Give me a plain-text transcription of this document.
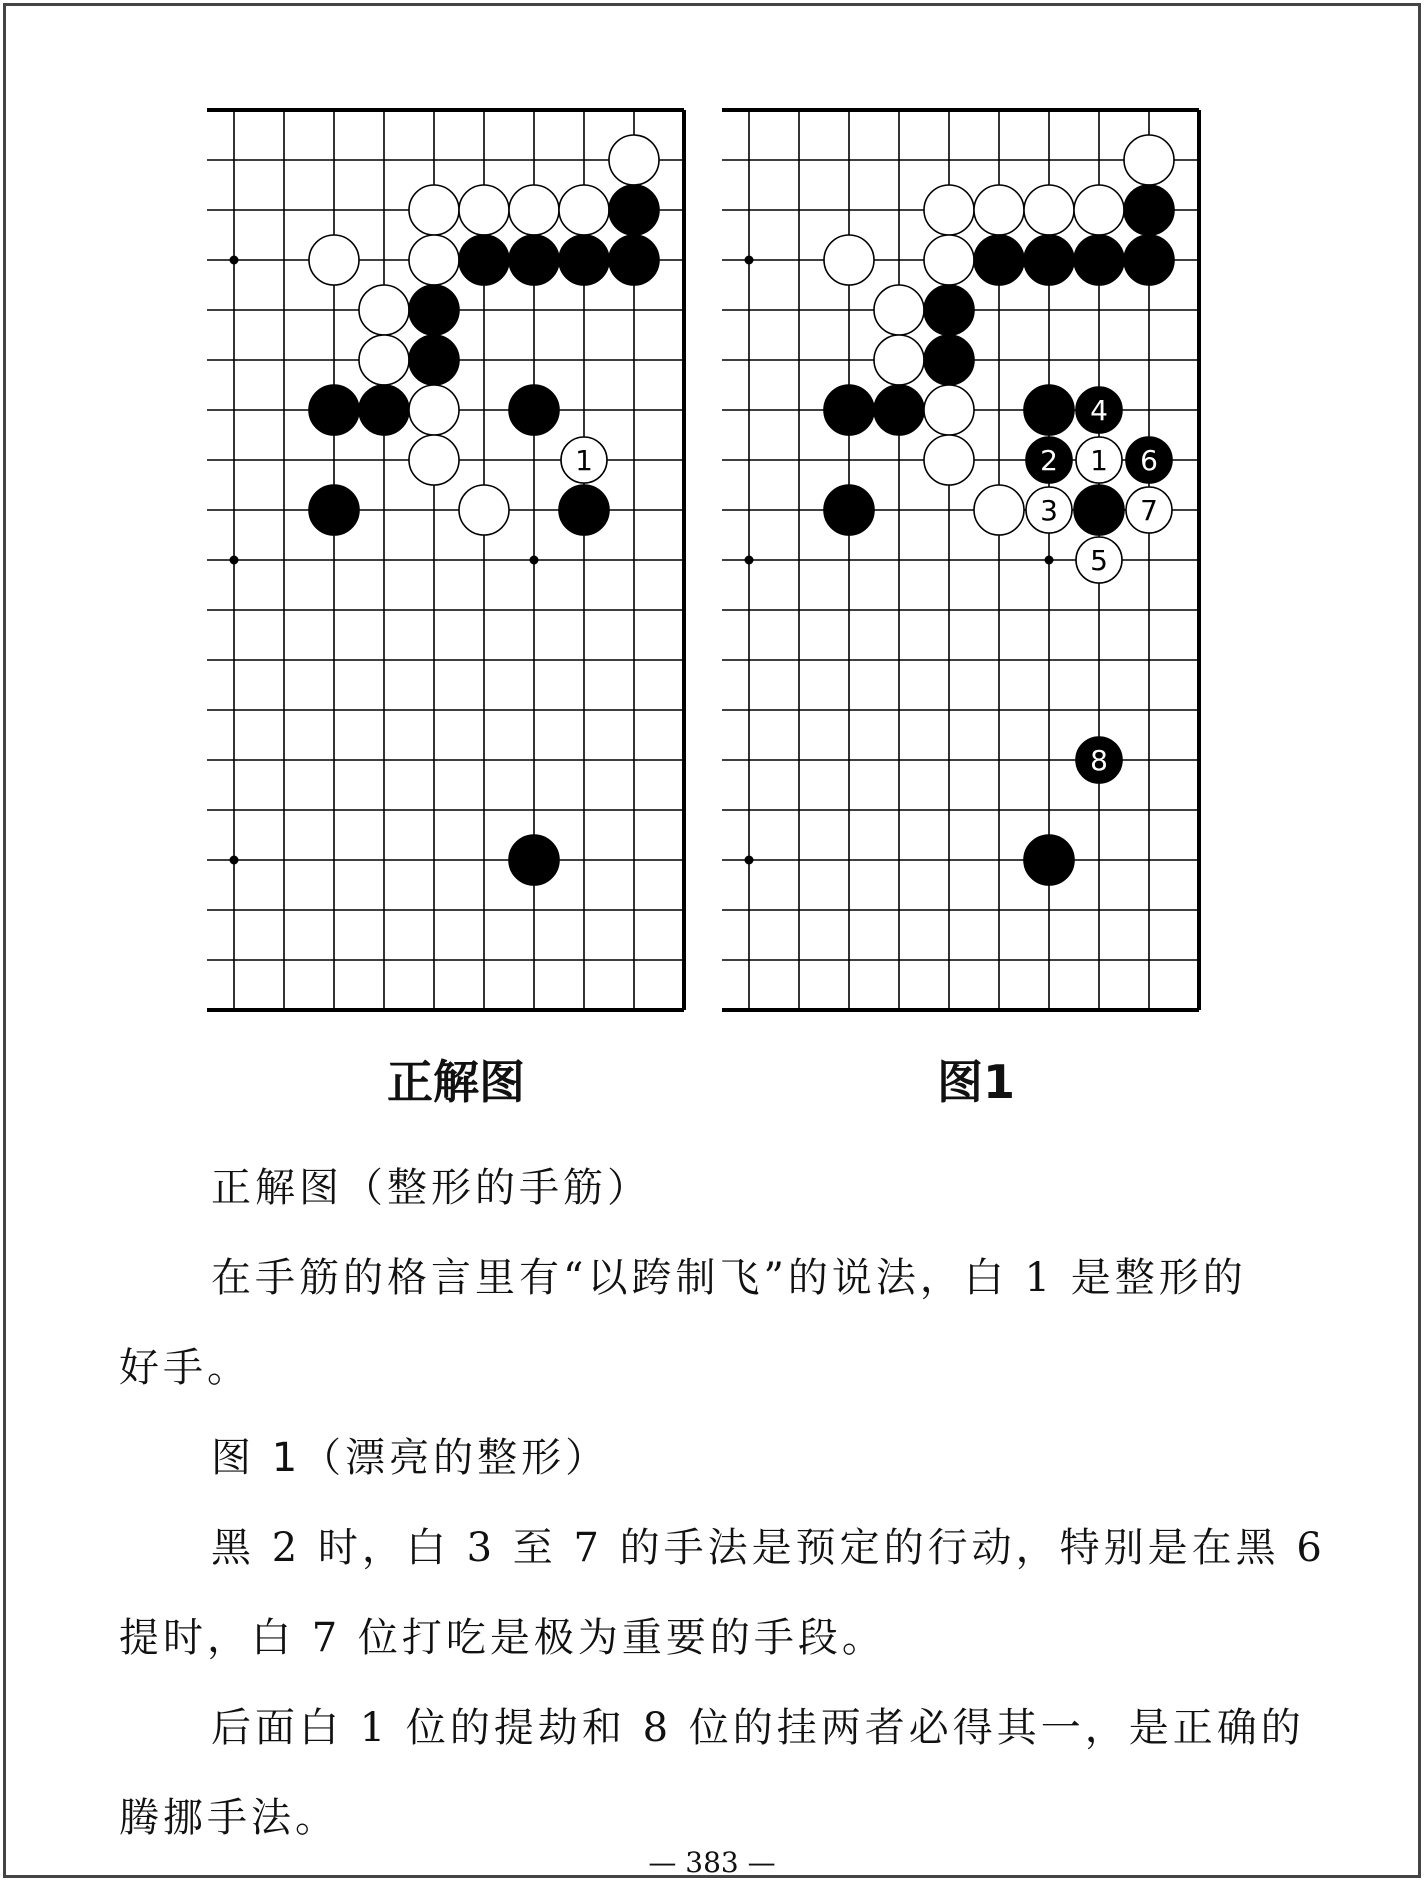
1
正解图
4
2 1 6
3	7
5
8
图1
正解图（整形的手筋）
在手筋的格言里有“以跨制飞”的说法，白 1 是整形的
好手。
图 1（漂亮的整形）
黑 2 时，白 3 至 7 的手法是预定的行动，特别是在黑 6
提时，白 7 位打吃是极为重要的手段。
后面白 1 位的提劫和 8 位的挂两者必得其一，是正确的
腾挪手法。
— 383 —
